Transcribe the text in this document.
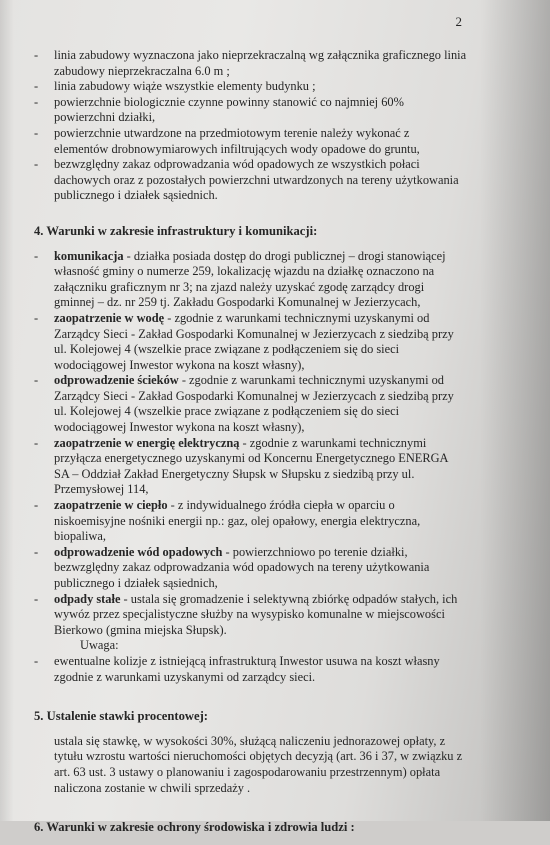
2
- linia zabudowy wyznaczona jako nieprzekraczalną wg załącznika graficznego linia

zabudowy nieprzekraczalna 6.0 m ;

- linia zabudowy wiąże wszystkie elementy budynku ;

- powierzchnie biologicznie czynne powinny stanowić co najmniej 60%

powierzchni działki,

- powierzchnie utwardzone na przedmiotowym terenie należy wykonać z

elementów drobnowymiarowych infiltrujących wody opadowe do gruntu,

- bezwzględny zakaz odprowadzania wód opadowych ze wszystkich połaci

dachowych oraz z pozostałych powierzchni utwardzonych na tereny użytkowania

publicznego i działek sąsiednich.

4. Warunki w zakresie infrastruktury i komunikacji:
- komunikacja - działka posiada dostęp do drogi publicznej – drogi stanowiącej

własność gminy o numerze 259, lokalizację wjazdu na działkę oznaczono na

załączniku graficznym nr 3; na zjazd należy uzyskać zgodę zarządcy drogi

gminnej – dz. nr 259 tj. Zakładu Gospodarki Komunalnej w Jezierzycach,

- zaopatrzenie w wodę - zgodnie z warunkami technicznymi uzyskanymi od

Zarządcy Sieci - Zakład Gospodarki Komunalnej w Jezierzycach z siedzibą przy

ul. Kolejowej 4 (wszelkie prace związane z podłączeniem się do sieci

wodociągowej Inwestor wykona na koszt własny),

- odprowadzenie ścieków - zgodnie z warunkami technicznymi uzyskanymi od

Zarządcy Sieci - Zakład Gospodarki Komunalnej w Jezierzycach z siedzibą przy

ul. Kolejowej 4 (wszelkie prace związane z podłączeniem się do sieci

wodociągowej Inwestor wykona na koszt własny),

- zaopatrzenie w energię elektryczną - zgodnie z warunkami technicznymi

przyłącza energetycznego uzyskanymi od Koncernu Energetycznego ENERGA

SA – Oddział Zakład Energetyczny Słupsk w Słupsku z siedzibą przy ul.

Przemysłowej 114,

- zaopatrzenie w ciepło - z indywidualnego źródła ciepła w oparciu o

niskoemisyjne nośniki energii np.: gaz, olej opałowy, energia elektryczna,

biopaliwa,

- odprowadzenie wód opadowych - powierzchniowo po terenie działki,

bezwzględny zakaz odprowadzania wód opadowych na tereny użytkowania

publicznego i działek sąsiednich,

- odpady stałe - ustala się gromadzenie i selektywną zbiórkę odpadów stałych, ich

wywóz przez specjalistyczne służby na wysypisko komunalne w miejscowości

Bierkowo (gmina miejska Słupsk).

Uwaga:
- ewentualne kolizje z istniejącą infrastrukturą Inwestor usuwa na koszt własny

zgodnie z warunkami uzyskanymi od zarządcy sieci.

5. Ustalenie stawki procentowej:

ustala się stawkę, w wysokości 30%, służącą naliczeniu jednorazowej opłaty, z

tytułu wzrostu wartości nieruchomości objętych decyzją (art. 36 i 37, w związku z

art. 63 ust. 3 ustawy o planowaniu i zagospodarowaniu przestrzennym) opłata

naliczona zostanie w chwili sprzedaży .

6. Warunki w zakresie ochrony środowiska i zdrowia ludzi :
